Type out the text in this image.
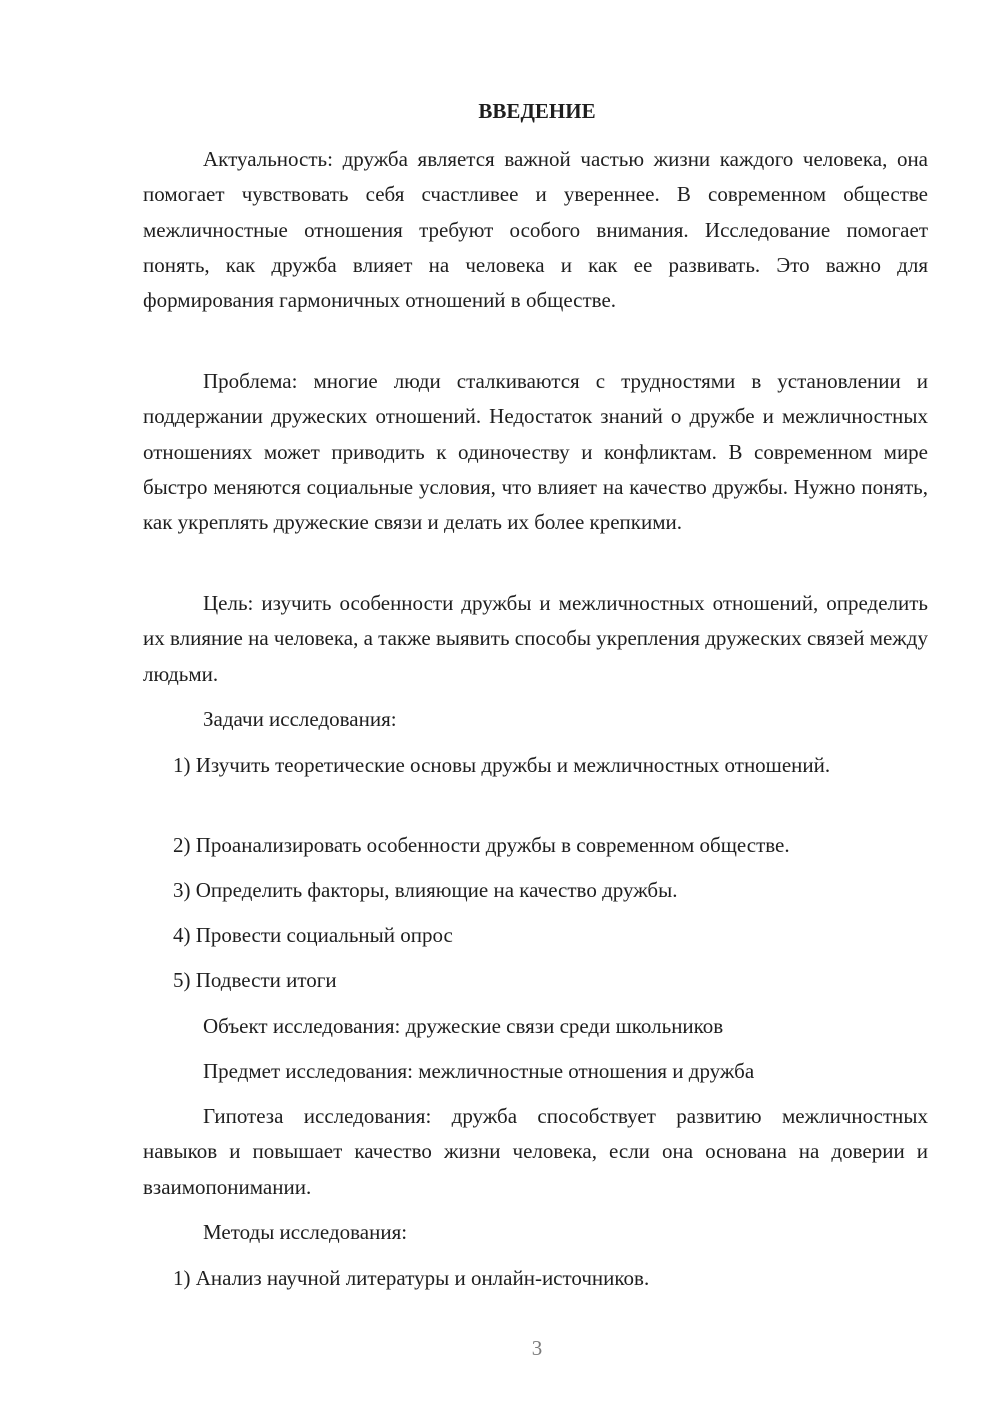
ВВЕДЕНИЕ

Актуальность: дружба является важной частью жизни каждого человека, она помогает чувствовать себя счастливее и увереннее. В современном обществе межличностные отношения требуют особого внимания. Исследование помогает понять, как дружба влияет на человека и как ее развивать. Это важно для формирования гармоничных отношений в обществе.

Проблема: многие люди сталкиваются с трудностями в установлении и поддержании дружеских отношений. Недостаток знаний о дружбе и межличностных отношениях может приводить к одиночеству и конфликтам. В современном мире быстро меняются социальные условия, что влияет на качество дружбы. Нужно понять, как укреплять дружеские связи и делать их более крепкими.

Цель: изучить особенности дружбы и межличностных отношений, определить их влияние на человека, а также выявить способы укрепления дружеских связей между людьми.

Задачи исследования:

1) Изучить теоретические основы дружбы и межличностных отношений.

2) Проанализировать особенности дружбы в современном обществе.

3) Определить факторы, влияющие на качество дружбы.

4) Провести социальный опрос

5) Подвести итоги

Объект исследования: дружеские связи среди школьников

Предмет исследования: межличностные отношения и дружба

Гипотеза исследования: дружба способствует развитию межличностных навыков и повышает качество жизни человека, если она основана на доверии и взаимопонимании.

Методы исследования:

1) Анализ научной литературы и онлайн-источников.

3
